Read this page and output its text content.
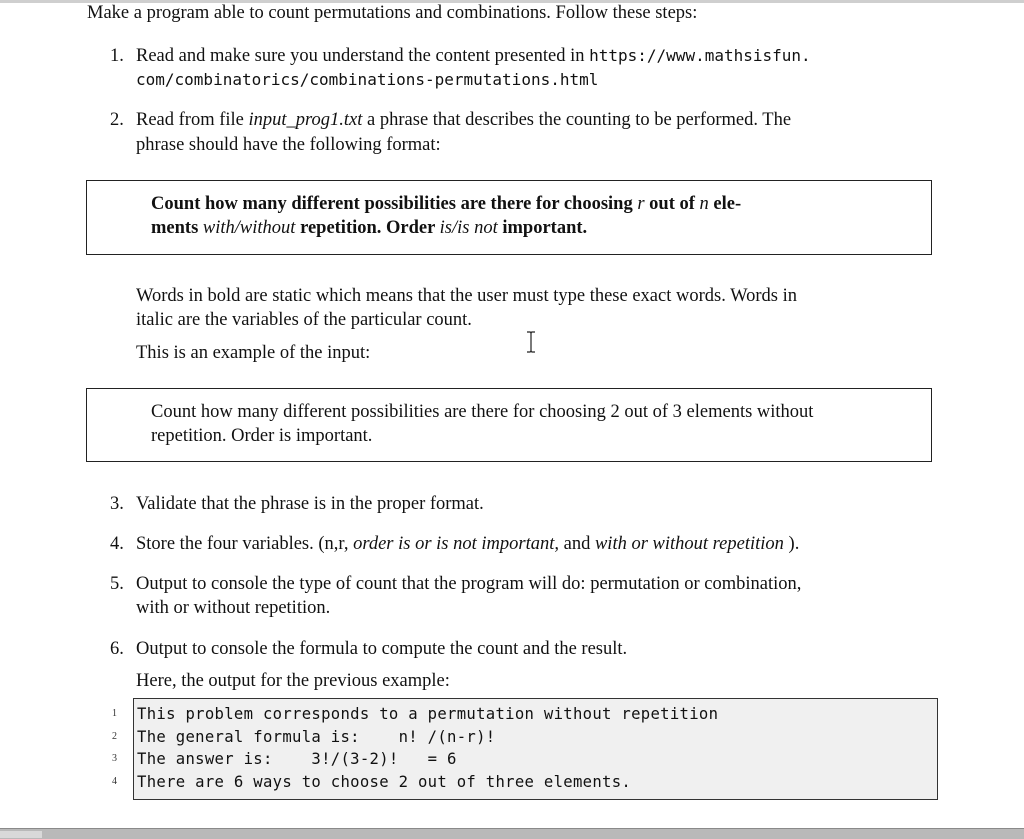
Make a program able to count permutations and combinations. Follow these steps:
1. Read and make sure you understand the content presented in https://www.mathsisfun.
com/combinatorics/combinations-permutations.html
2. Read from file input_prog1.txt a phrase that describes the counting to be performed. The
phrase should have the following format:
Count how many different possibilities are there for choosing r out of n ele-
ments with/without repetition. Order is/is not important.
Words in bold are static which means that the user must type these exact words. Words in
italic are the variables of the particular count.
This is an example of the input:
Count how many different possibilities are there for choosing 2 out of 3 elements without
repetition. Order is important.
3. Validate that the phrase is in the proper format.
4. Store the four variables. (n,r, order is or is not important, and with or without repetition ).
5. Output to console the type of count that the program will do: permutation or combination,
with or without repetition.
6. Output to console the formula to compute the count and the result.
Here, the output for the previous example:
1
2
3
4
This problem corresponds to a permutation without repetition
The general formula is:    n! /(n-r)!
The answer is:    3!/(3-2)!   = 6
There are 6 ways to choose 2 out of three elements.
